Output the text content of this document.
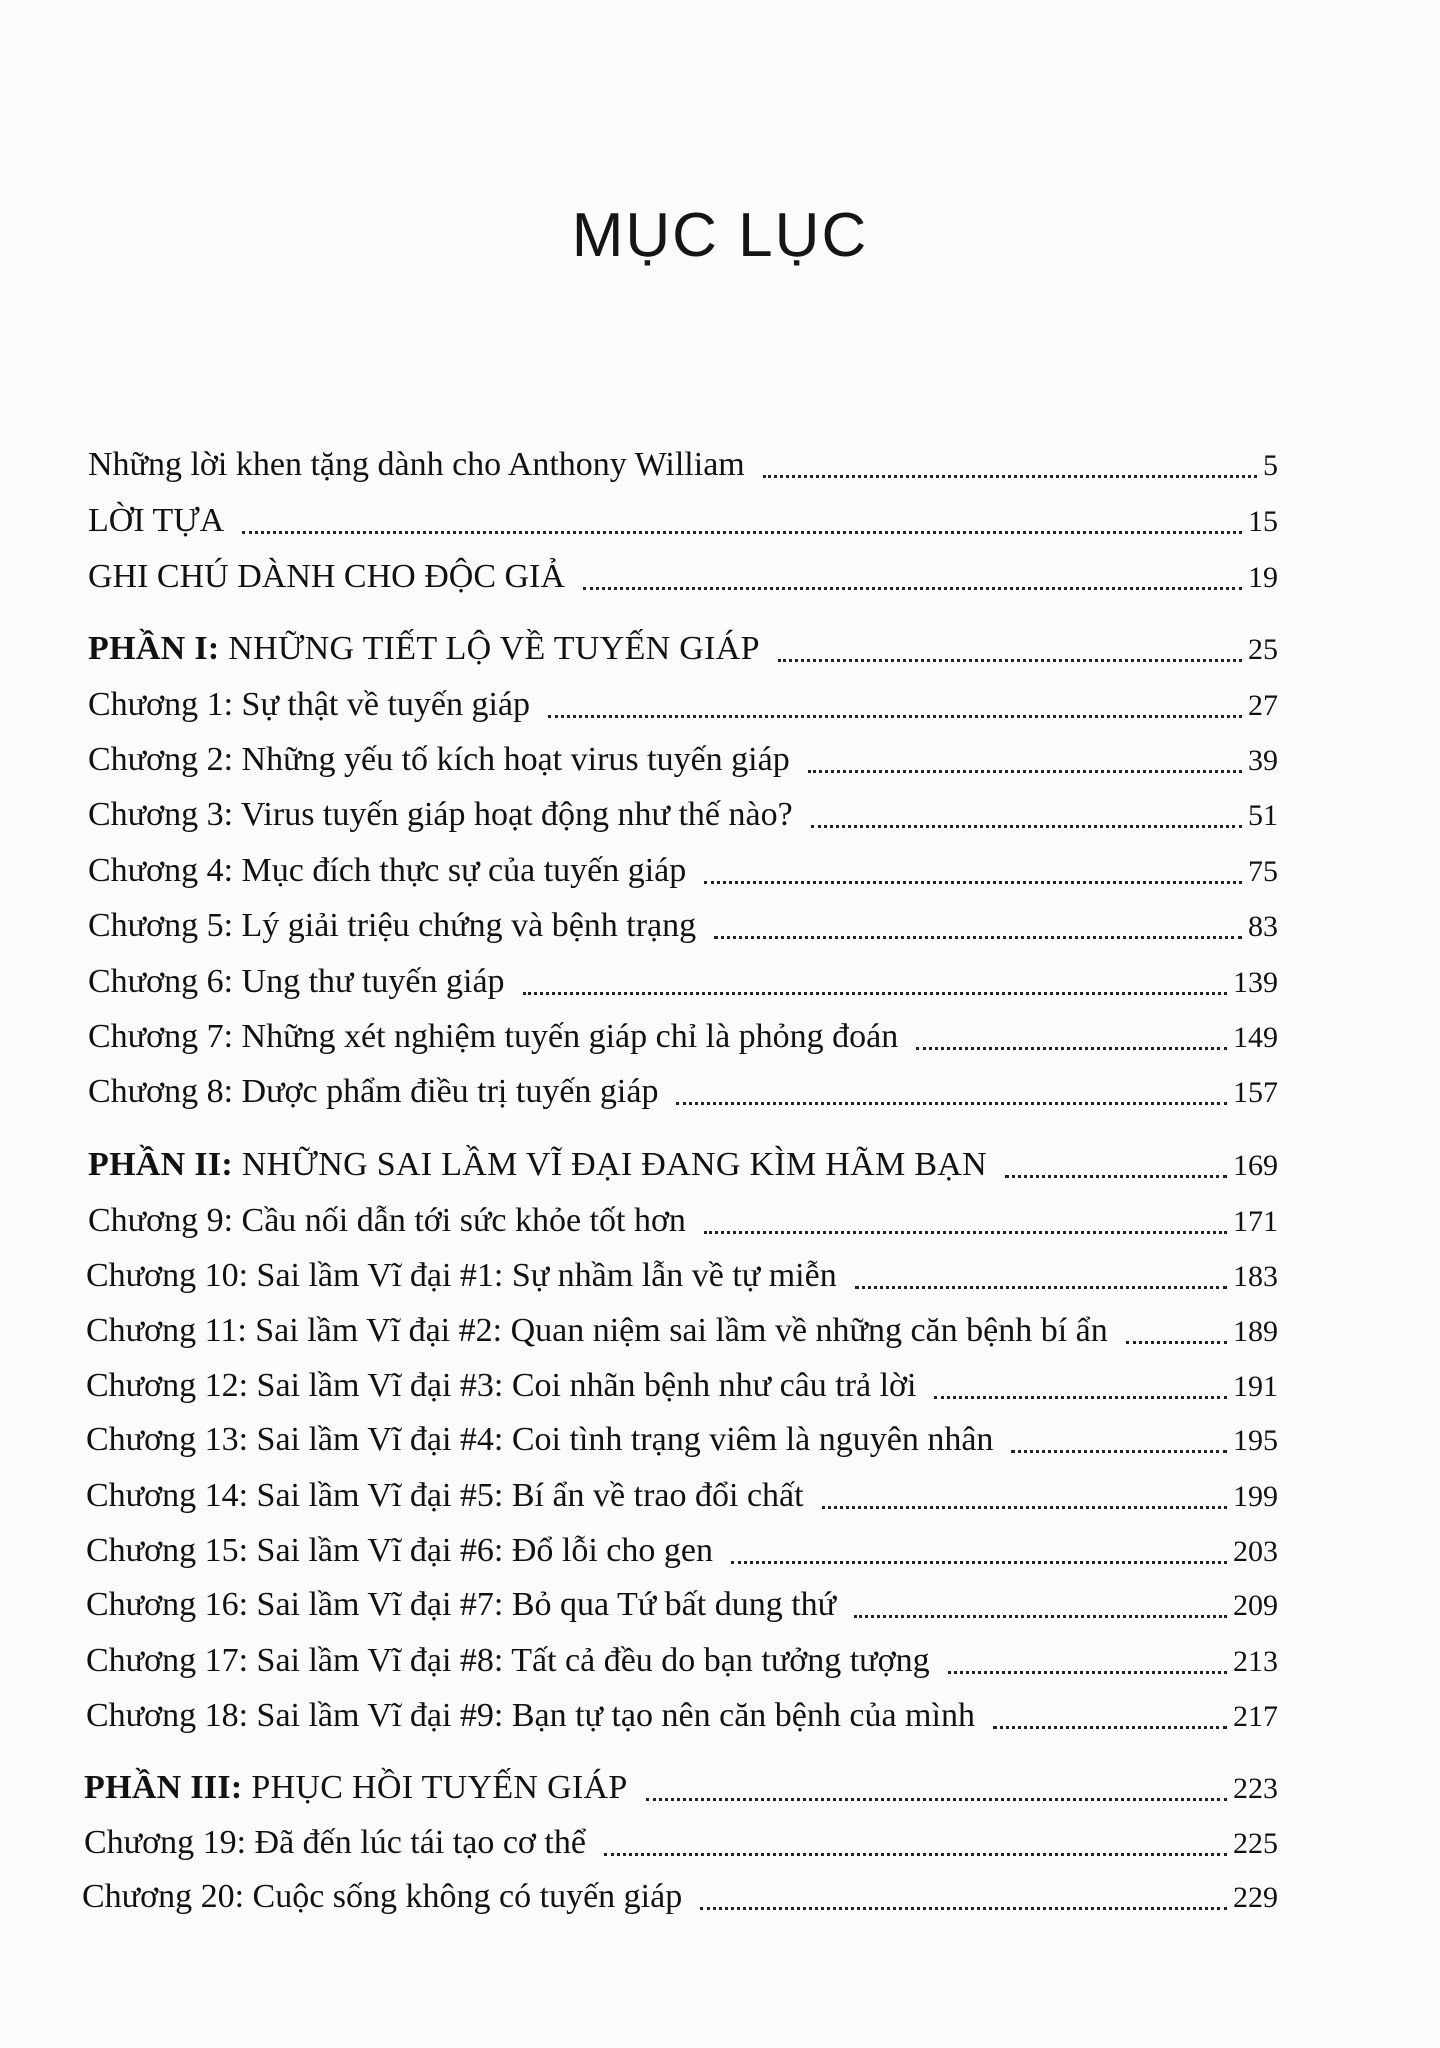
MỤC LỤC
Những lời khen tặng dành cho Anthony William	5
LỜI TỰA	15
GHI CHÚ DÀNH CHO ĐỘC GIẢ	19
PHẦN I: NHỮNG TIẾT LỘ VỀ TUYẾN GIÁP	25
Chương 1: Sự thật về tuyến giáp	27
Chương 2: Những yếu tố kích hoạt virus tuyến giáp	39
Chương 3: Virus tuyến giáp hoạt động như thế nào?	51
Chương 4: Mục đích thực sự của tuyến giáp	75
Chương 5: Lý giải triệu chứng và bệnh trạng	83
Chương 6: Ung thư tuyến giáp	139
Chương 7: Những xét nghiệm tuyến giáp chỉ là phỏng đoán	149
Chương 8: Dược phẩm điều trị tuyến giáp	157
PHẦN II: NHỮNG SAI LẦM VĨ ĐẠI ĐANG KÌM HÃM BẠN	169
Chương 9: Cầu nối dẫn tới sức khỏe tốt hơn	171
Chương 10: Sai lầm Vĩ đại #1: Sự nhầm lẫn về tự miễn	183
Chương 11: Sai lầm Vĩ đại #2: Quan niệm sai lầm về những căn bệnh bí ẩn	189
Chương 12: Sai lầm Vĩ đại #3: Coi nhãn bệnh như câu trả lời	191
Chương 13: Sai lầm Vĩ đại #4: Coi tình trạng viêm là nguyên nhân	195
Chương 14: Sai lầm Vĩ đại #5: Bí ẩn về trao đổi chất	199
Chương 15: Sai lầm Vĩ đại #6: Đổ lỗi cho gen	203
Chương 16: Sai lầm Vĩ đại #7: Bỏ qua Tứ bất dung thứ	209
Chương 17: Sai lầm Vĩ đại #8: Tất cả đều do bạn tưởng tượng	213
Chương 18: Sai lầm Vĩ đại #9: Bạn tự tạo nên căn bệnh của mình	217
PHẦN III: PHỤC HỒI TUYẾN GIÁP	223
Chương 19: Đã đến lúc tái tạo cơ thể	225
Chương 20: Cuộc sống không có tuyến giáp	229
